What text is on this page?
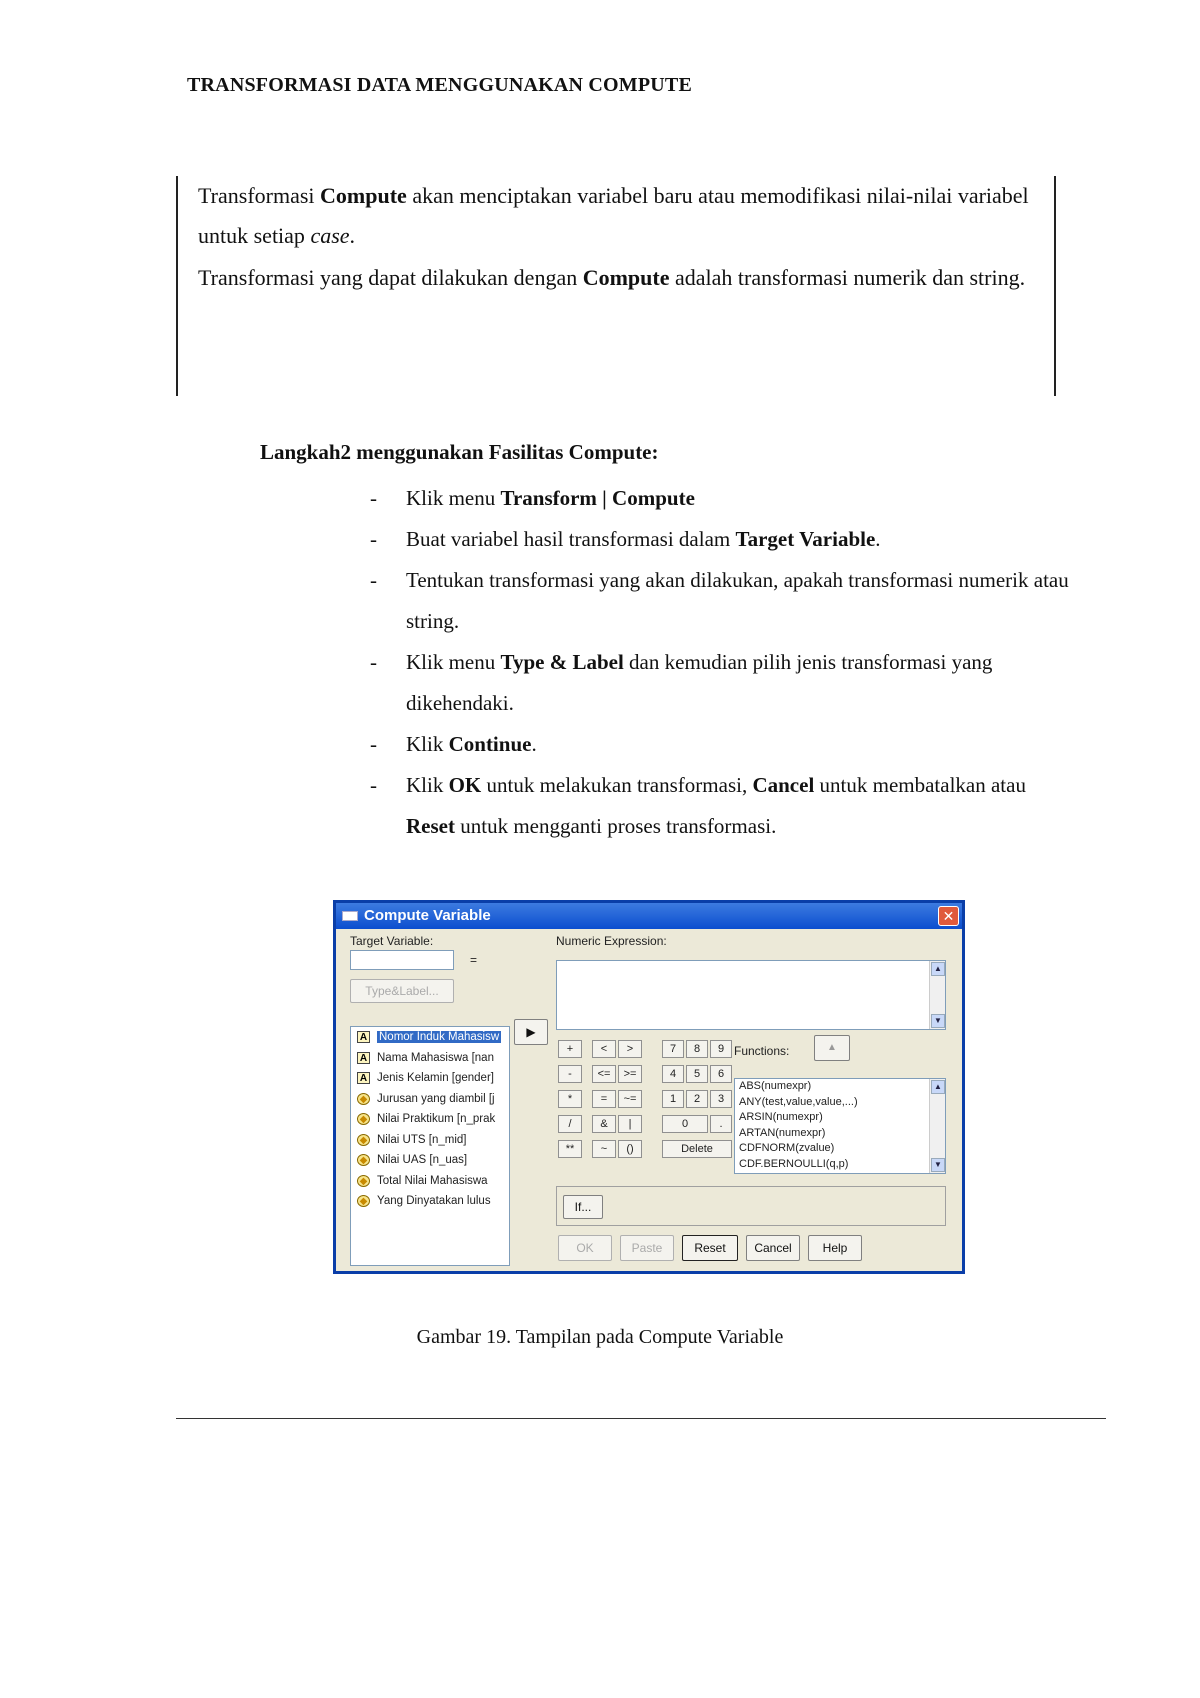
TRANSFORMASI DATA MENGGUNAKAN COMPUTE

Transformasi Compute akan menciptakan variabel baru atau memodifikasi nilai-nilai variabel untuk setiap case.

Transformasi yang dapat dilakukan dengan Compute adalah transformasi numerik dan string.

Langkah2 menggunakan Fasilitas Compute:
- Klik menu Transform | Compute
- Buat variabel hasil transformasi dalam Target Variable.
- Tentukan transformasi yang akan dilakukan, apakah transformasi numerik atau string.
- Klik menu Type & Label dan kemudian pilih jenis transformasi yang dikehendaki.
- Klik Continue.
- Klik OK untuk melakukan transformasi, Cancel untuk membatalkan atau Reset untuk mengganti proses transformasi.
Compute Variable	✕
Target Variable:
=
Type&Label...
Numeric Expression:
▲
▼
A Nomor Induk Mahasisw
A Nama Mahasiswa [nan
A Jenis Kelamin [gender]
◆ Jurusan yang diambil [j
◆ Nilai Praktikum [n_prak
◆ Nilai UTS [n_mid]
◆ Nilai UAS [n_uas]
◆ Total Nilai Mahasiswa
◆ Yang Dinyatakan lulus
▶
+	<	>	7	8	9
-	<=	>=	4	5	6
*	=	~=	1	2	3
/	&	|	0	.
**	~	()	Delete
Functions:	▲
ABS(numexpr)
ANY(test,value,value,...)
ARSIN(numexpr)
ARTAN(numexpr)
CDFNORM(zvalue)
CDF.BERNOULLI(q,p)
▲
▼
If...
OK	Paste	Reset	Cancel	Help
Gambar 19. Tampilan pada Compute Variable
